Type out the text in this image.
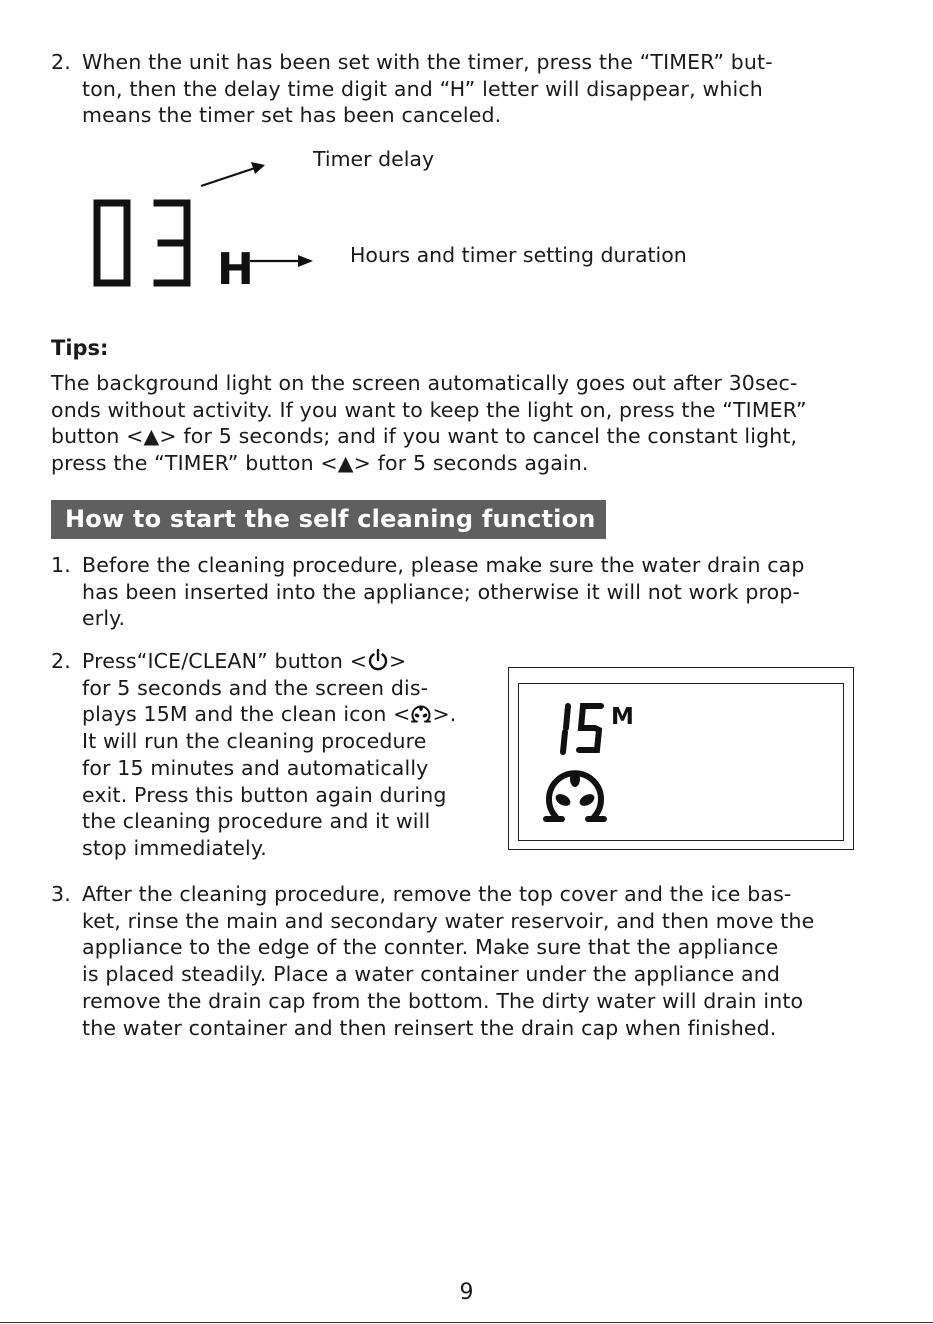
2. When the unit has been set with the timer, press the “TIMER” but-
ton, then the delay time digit and “H” letter will disappear, which
means the timer set has been canceled.
H
Timer delay
Hours and timer setting duration
Tips:
The background light on the screen automatically goes out after 30sec-
onds without activity. If you want to keep the light on, press the “TIMER”
button <▲> for 5 seconds; and if you want to cancel the constant light,
press the “TIMER” button <▲> for 5 seconds again.
How to start the self cleaning function
1. Before the cleaning procedure, please make sure the water drain cap
has been inserted into the appliance; otherwise it will not work prop-
erly.
2. Press“ICE/CLEAN” button < >
for 5 seconds and the screen dis-
plays 15M and the clean icon < >.
It will run the cleaning procedure
for 15 minutes and automatically
exit. Press this button again during
the cleaning procedure and it will
stop immediately.
M
3. After the cleaning procedure, remove the top cover and the ice bas-
ket, rinse the main and secondary water reservoir, and then move the
appliance to the edge of the connter. Make sure that the appliance
is placed steadily. Place a water container under the appliance and
remove the drain cap from the bottom. The dirty water will drain into
the water container and then reinsert the drain cap when finished.
9
